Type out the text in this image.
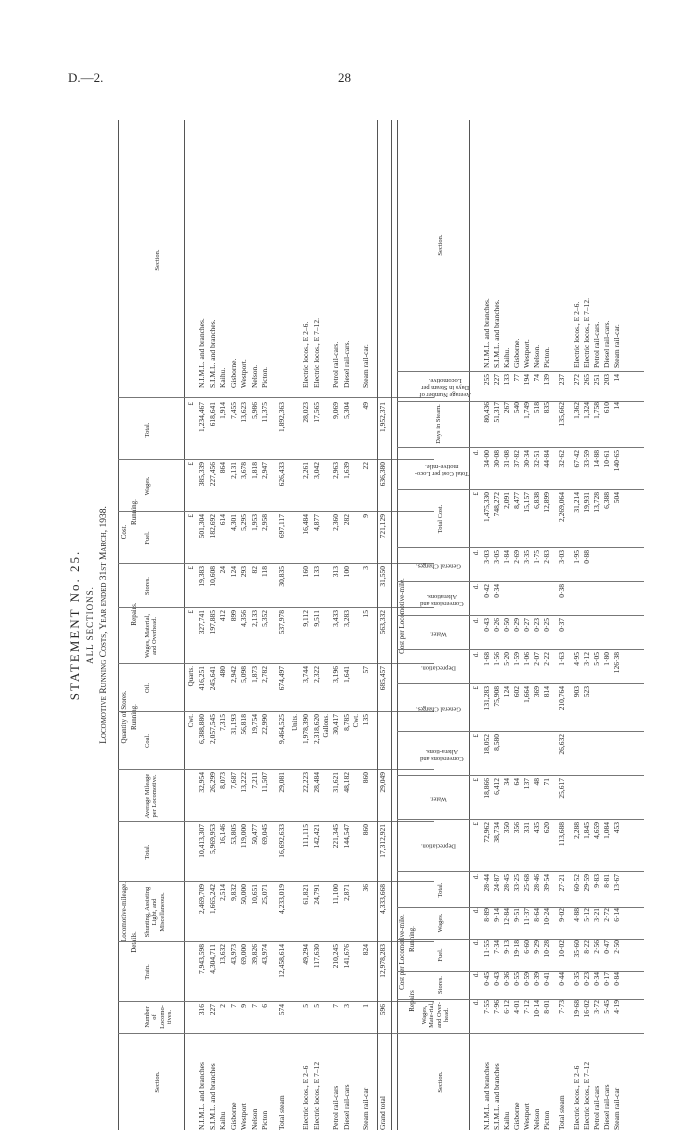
D.—2.	28
STATEMENT No. 25. ALL SECTIONS. Locomotive Running Costs, Year ended 31st March, 1938.
Locomotive-mileage.
Quantity of Stores.
Cost.
Details.
Running.
Repairs.
Running.
Section.
Number of Locomo-tives.
Train.
Shunting, Assisting Light, and Miscellaneous.
Total.
Average Mileage per Locomotive.
Coal.
Oil.
Wages, Material, and Overhead.
Stores.
Fuel.
Wages.
Total.
Section.
Cwt.
Quarts.
£
£
£
£
£
N.I.M.L. and branches
316
7,943,598
2,469,709
10,413,307
32,954
6,388,880
416,251
327,741
19,383
501,304
385,339
1,234,467
N.I.M.L. and branches.
S.I.M.L. and branches
227
4,304,711
1,665,242
5,969,953
26,299
2,057,545
245,641
197,885
10,608
182,692
227,456
618,641
S.I.M.L. and branches.
Kaihu
2
13,632
2,514
16,146
8,073
7,315
480
412
24
614
864
1,914
Kaihu.
Gisborne
7
43,973
9,832
53,805
7,687
31,193
2,942
899
124
4,301
2,131
7,455
Gisborne.
Westport
9
69,000
50,000
119,000
13,222
56,818
5,098
4,356
293
5,295
3,678
13,623
Westport.
Nelson
7
39,826
10,651
50,477
7,211
19,754
1,873
2,133
82
1,953
1,818
5,986
Nelson.
Picton
6
43,974
25,071
69,045
11,507
22,990
2,782
5,352
118
2,958
2,947
11,375
Picton.
Total steam
574
12,458,614
4,233,019
16,692,633
29,081
9,464,525
674,497
537,978
30,835
697,117
626,433
1,892,363
Units.
Electric locos., E 2–6
5
49,294
61,821
111,115
22,223
1,978,390
3,744
9,112
160
16,484
2,261
28,023
Electric locos., E 2–6.
Electric locos., E 7–12
5
117,630
24,791
142,421
28,484
2,318,620
2,322
9,511
133
4,877
3,042
17,565
Electric locos., E 7–12.
Gallons.
Petrol rail-cars
7
210,245
11,100
221,345
31,621
30,417
3,196
3,433
313
2,360
2,963
9,069
Petrol rail-cars.
Diesel rail-cars
3
141,676
2,871
144,547
48,182
8,785
1,641
3,283
100
282
1,639
5,304
Diesel rail-cars.
Cwt.
Steam rail-car
1
824
36
860
860
135
57
15
3
9
22
49
Steam rail-car.
Grand total
596
12,978,283
4,333,668
17,312,921
29,049
685,457
563,332
31,550
721,129
636,380
1,952,371
Cost per Locomotive-mile.
Cost per Locomotive-mile.
Repairs
Running.
Section.
Wages, Mate-rial, and Over-head.
Stores.
Fuel.
Wages.
Total.
Depreciation.
Water.
Conversions and Altera-tions.
General Charges.
Depreciation.
Water.
Conversions and Alterations.
General Charges.
Total Cost per Loco-motive-mile.
Average Number of Days in Steam per Locomotive.
Total Cost.
Days in Steam.
Section.
d.
d.
d.
d.
d.
d.
d.
d.
d.
d.
£
£
£
£
£
N.I.M.L. and branches
7·55
0·45
11·55
8·89
28·44
72,962
18,866
18,052
131,283
1·68
0·43
0·42
3·03
1,475,330
34·00
80,436
255
N.I.M.L. and branches.
S.I.M.L. and branches
7·96
0·43
7·34
9·14
24·87
38,734
6,412
8,580
75,908
1·56
0·26
0·34
3·05
748,272
30·08
51,317
227
S.I.M.L. and branches.
Kaihu
6·12
0·36
9·13
12·84
28·45
350
34
124
5·20
0·50
1·84
2,091
31·08
267
133
Kaihu.
Gisborne
4·01
0·55
19·18
9·51
33·25
356
64
602
1·59
0·29
2·69
8,477
37·82
540
77
Gisborne.
Westport
7·12
0·59
6·60
11·37
25·68
331
137
1,664
1·06
0·27
3·35
15,157
30·34
1,749
194
Westport.
Nelson
10·14
0·39
9·29
8·64
28·46
435
48
369
2·07
0·23
1·75
6,838
32·51
518
74
Nelson.
Picton
8·01
0·41
10·28
10·24
39·54
620
71
814
2·22
0·25
2·83
12,899
44·84
835
139
Picton.
Total steam
7·73
0·44
10·02
9·02
27·21
113,688
25,617
26,632
210,764
1·63
0·37
0·38
3·03
2,269,064
32·62
135,662
237
Electric locos., E 2–6
19·68
0·35
35·60
4·88
60·52
2,288
903
4·95
1·95
31,214
67·42
1,362
272
Electric locos., E 2–6.
Electric locos., E 7–12
16·02
0·23
8·22
5·12
29·59
1,845
523
3·12
0·88
19,931
33·59
1,324
265
Electric locos., E 7–12.
Petrol rail-cars
3·72
0·34
2·56
3·21
9·83
4,659
5·05
13,728
14·88
1,758
251
Petrol rail-cars.
Diesel rail-cars
5·45
0·17
0·47
2·72
8·81
1,084
1·80
6,388
10·61
610
203
Diesel rail-cars.
Steam rail-car
4·19
0·84
2·50
6·14
13·67
453
126·38
504
140·65
14
14
Steam rail-car.
